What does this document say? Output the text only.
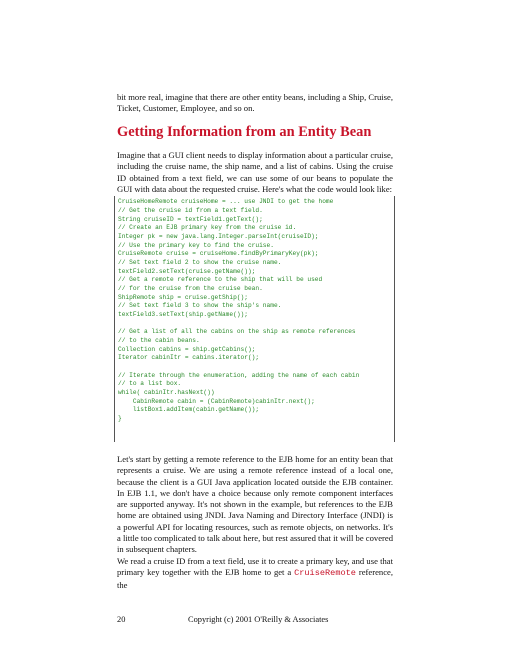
bit more real, imagine that there are other entity beans, including a Ship, Cruise, Ticket, Customer, Employee, and so on.

Getting Information from an Entity Bean

Imagine that a GUI client needs to display information about a particular cruise, including the cruise name, the ship name, and a list of cabins. Using the cruise ID obtained from a text field, we can use some of our beans to populate the GUI with data about the requested cruise. Here's what the code would look like:

CruiseHomeRemote cruiseHome = ... use JNDI to get the home
// Get the cruise id from a text field.
String cruiseID = textField1.getText();
// Create an EJB primary key from the cruise id.
Integer pk = new java.lang.Integer.parseInt(cruiseID);
// Use the primary key to find the cruise.
CruiseRemote cruise = cruiseHome.findByPrimaryKey(pk);
// Set text field 2 to show the cruise name.
textField2.setText(cruise.getName());
// Get a remote reference to the ship that will be used
// for the cruise from the cruise bean.
ShipRemote ship = cruise.getShip();
// Set text field 3 to show the ship's name.
textField3.setText(ship.getName());
// Get a list of all the cabins on the ship as remote references
// to the cabin beans.
Collection cabins = ship.getCabins();
Iterator cabinItr = cabins.iterator();
// Iterate through the enumeration, adding the name of each cabin
// to a list box.
while( cabinItr.hasNext())
CabinRemote cabin = (CabinRemote)cabinItr.next();
listBox1.addItem(cabin.getName());
}

Let's start by getting a remote reference to the EJB home for an entity bean that represents a cruise. We are using a remote reference instead of a local one, because the client is a GUI Java application located outside the EJB container. In EJB 1.1, we don't have a choice because only remote component interfaces are supported anyway. It's not shown in the example, but references to the EJB home are obtained using JNDI. Java Naming and Directory Interface (JNDI) is a powerful API for locating resources, such as remote objects, on networks. It's a little too complicated to talk about here, but rest assured that it will be covered in subsequent chapters.

We read a cruise ID from a text field, use it to create a primary key, and use that primary key together with the EJB home to get a CruiseRemote reference, the

20	Copyright (c) 2001 O'Reilly & Associates
